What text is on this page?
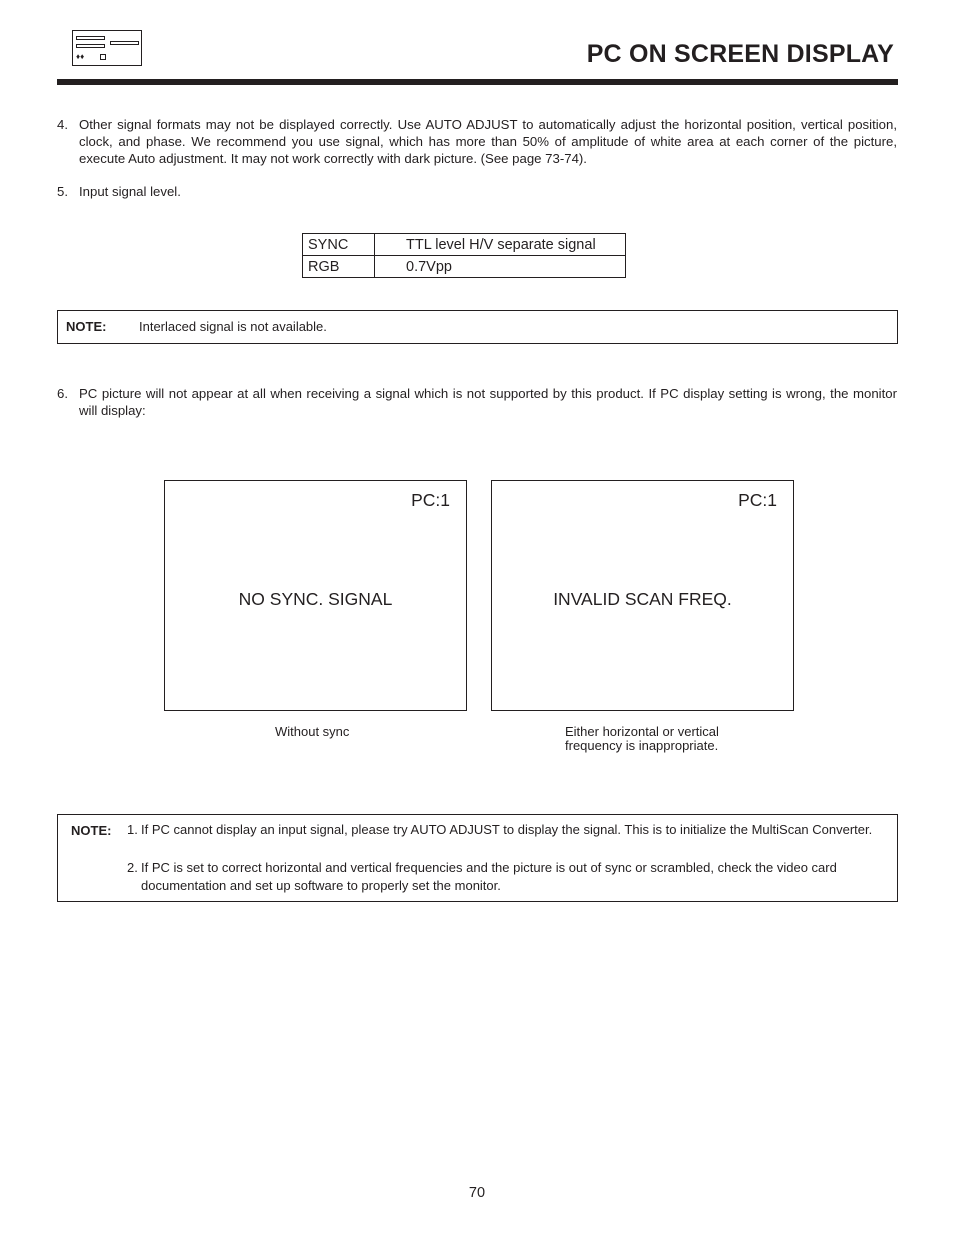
♦♦	PC ON SCREEN DISPLAY
4. Other signal formats may not be displayed correctly. Use AUTO ADJUST to automatically adjust the horizontal position, vertical position, clock, and phase. We recommend you use signal, which has more than 50% of amplitude of white area at each corner of the picture, execute Auto adjustment. It may not work correctly with dark picture. (See page 73-74).
5. Input signal level.
SYNC	TTL level H/V separate signal
RGB	0.7Vpp
NOTE:	Interlaced signal is not available.
6. PC picture will not appear at all when receiving a signal which is not supported by this product. If PC display setting is wrong, the monitor will display:
PC:1
NO SYNC. SIGNAL
Without sync
PC:1
INVALID SCAN FREQ.
Either horizontal or vertical
frequency is inappropriate.
NOTE: 1. If PC cannot display an input signal, please try AUTO ADJUST to display the signal. This is to initialize the MultiScan Converter.
2. If PC is set to correct horizontal and vertical frequencies and the picture is out of sync or scrambled, check the video card documentation and set up software to properly set the monitor.
70
